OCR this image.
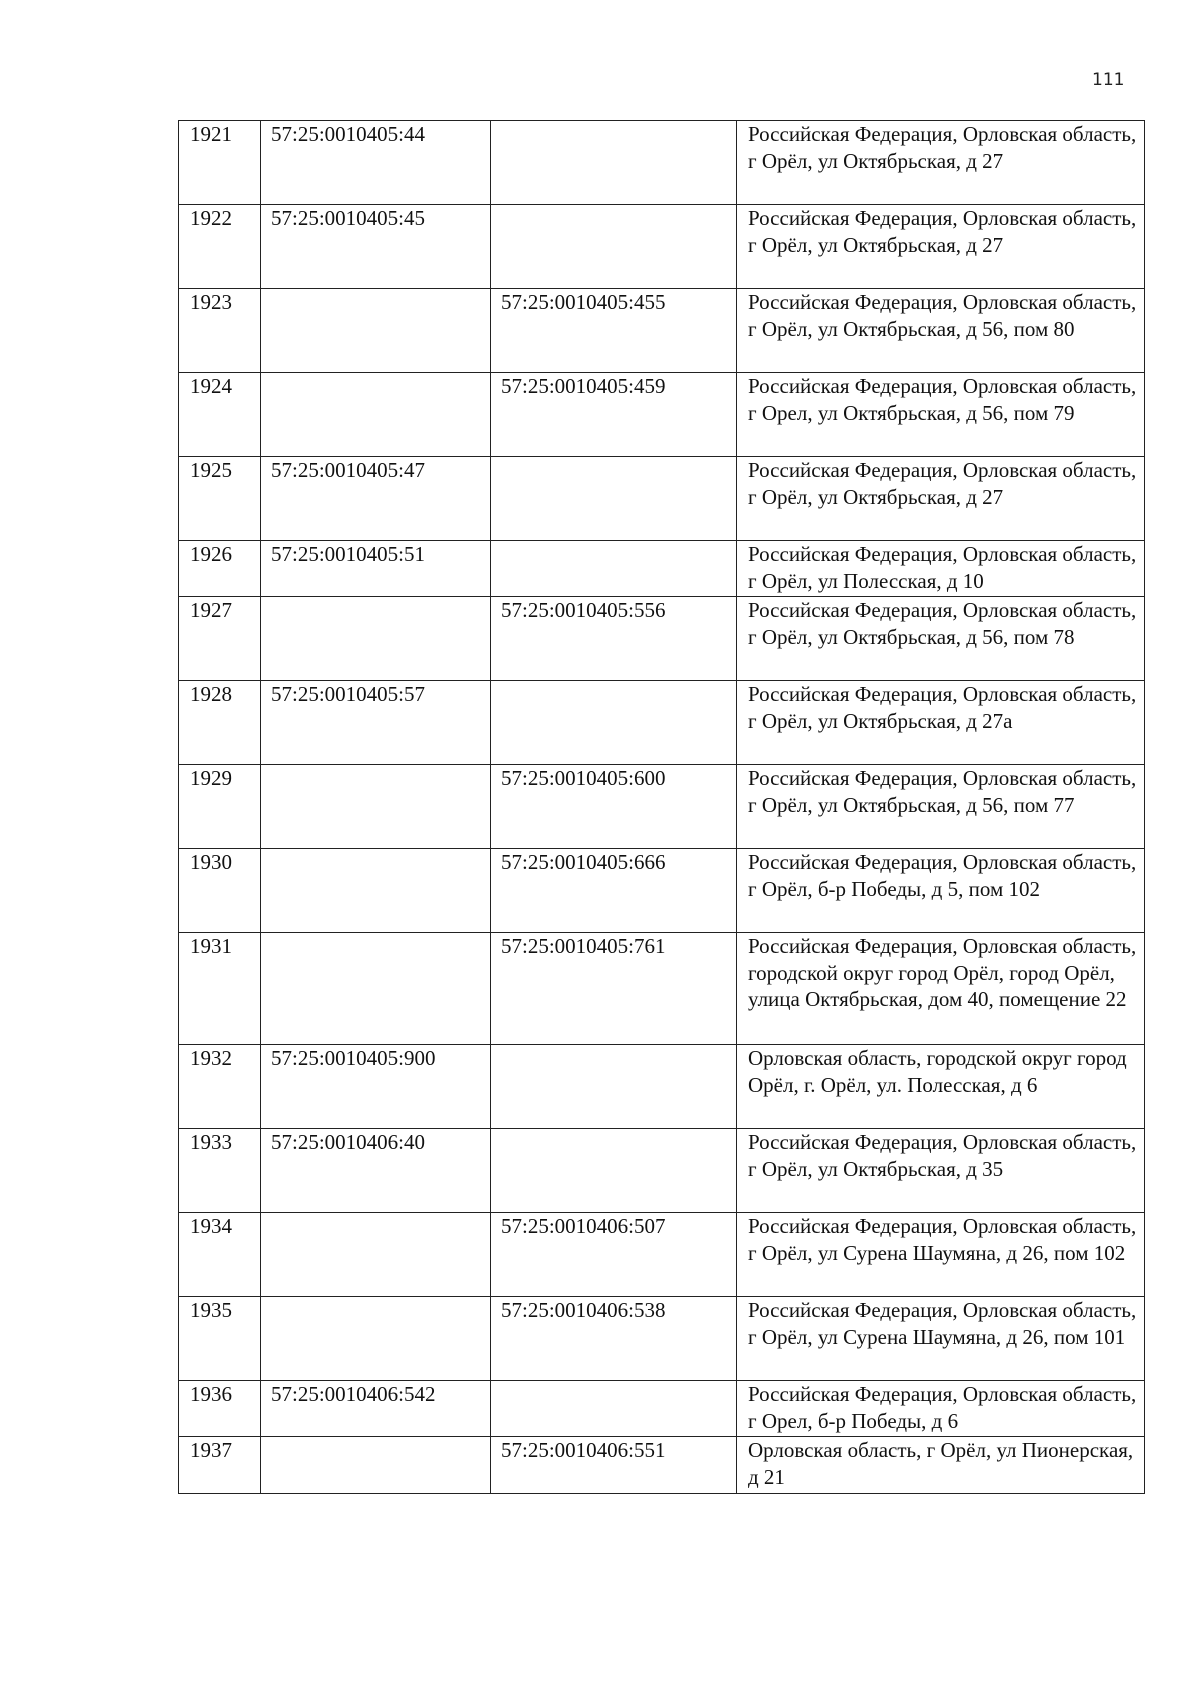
111
1921	57:25:0010405:44		Российская Федерация, Орловская область, г Орёл, ул Октябрьская, д 27
1922	57:25:0010405:45		Российская Федерация, Орловская область, г Орёл, ул Октябрьская, д 27
1923		57:25:0010405:455	Российская Федерация, Орловская область, г Орёл, ул Октябрьская, д 56, пом 80
1924		57:25:0010405:459	Российская Федерация, Орловская область, г Орел, ул Октябрьская, д 56, пом 79
1925	57:25:0010405:47		Российская Федерация, Орловская область, г Орёл, ул Октябрьская, д 27
1926	57:25:0010405:51		Российская Федерация, Орловская область, г Орёл, ул Полесская, д 10
1927		57:25:0010405:556	Российская Федерация, Орловская область, г Орёл, ул Октябрьская, д 56, пом 78
1928	57:25:0010405:57		Российская Федерация, Орловская область, г Орёл, ул Октябрьская, д 27а
1929		57:25:0010405:600	Российская Федерация, Орловская область, г Орёл, ул Октябрьская, д 56, пом 77
1930		57:25:0010405:666	Российская Федерация, Орловская область, г Орёл, б-р Победы, д 5, пом 102
1931		57:25:0010405:761	Российская Федерация, Орловская область, городской округ город Орёл, город Орёл, улица Октябрьская, дом 40, помещение 22
1932	57:25:0010405:900		Орловская область, городской округ город Орёл, г. Орёл, ул. Полесская, д 6
1933	57:25:0010406:40		Российская Федерация, Орловская область, г Орёл, ул Октябрьская, д 35
1934		57:25:0010406:507	Российская Федерация, Орловская область, г Орёл, ул Сурена Шаумяна, д 26, пом 102
1935		57:25:0010406:538	Российская Федерация, Орловская область, г Орёл, ул Сурена Шаумяна, д 26, пом 101
1936	57:25:0010406:542		Российская Федерация, Орловская область, г Орел, б-р Победы, д 6
1937		57:25:0010406:551	Орловская область, г Орёл, ул Пионерская, д 21
